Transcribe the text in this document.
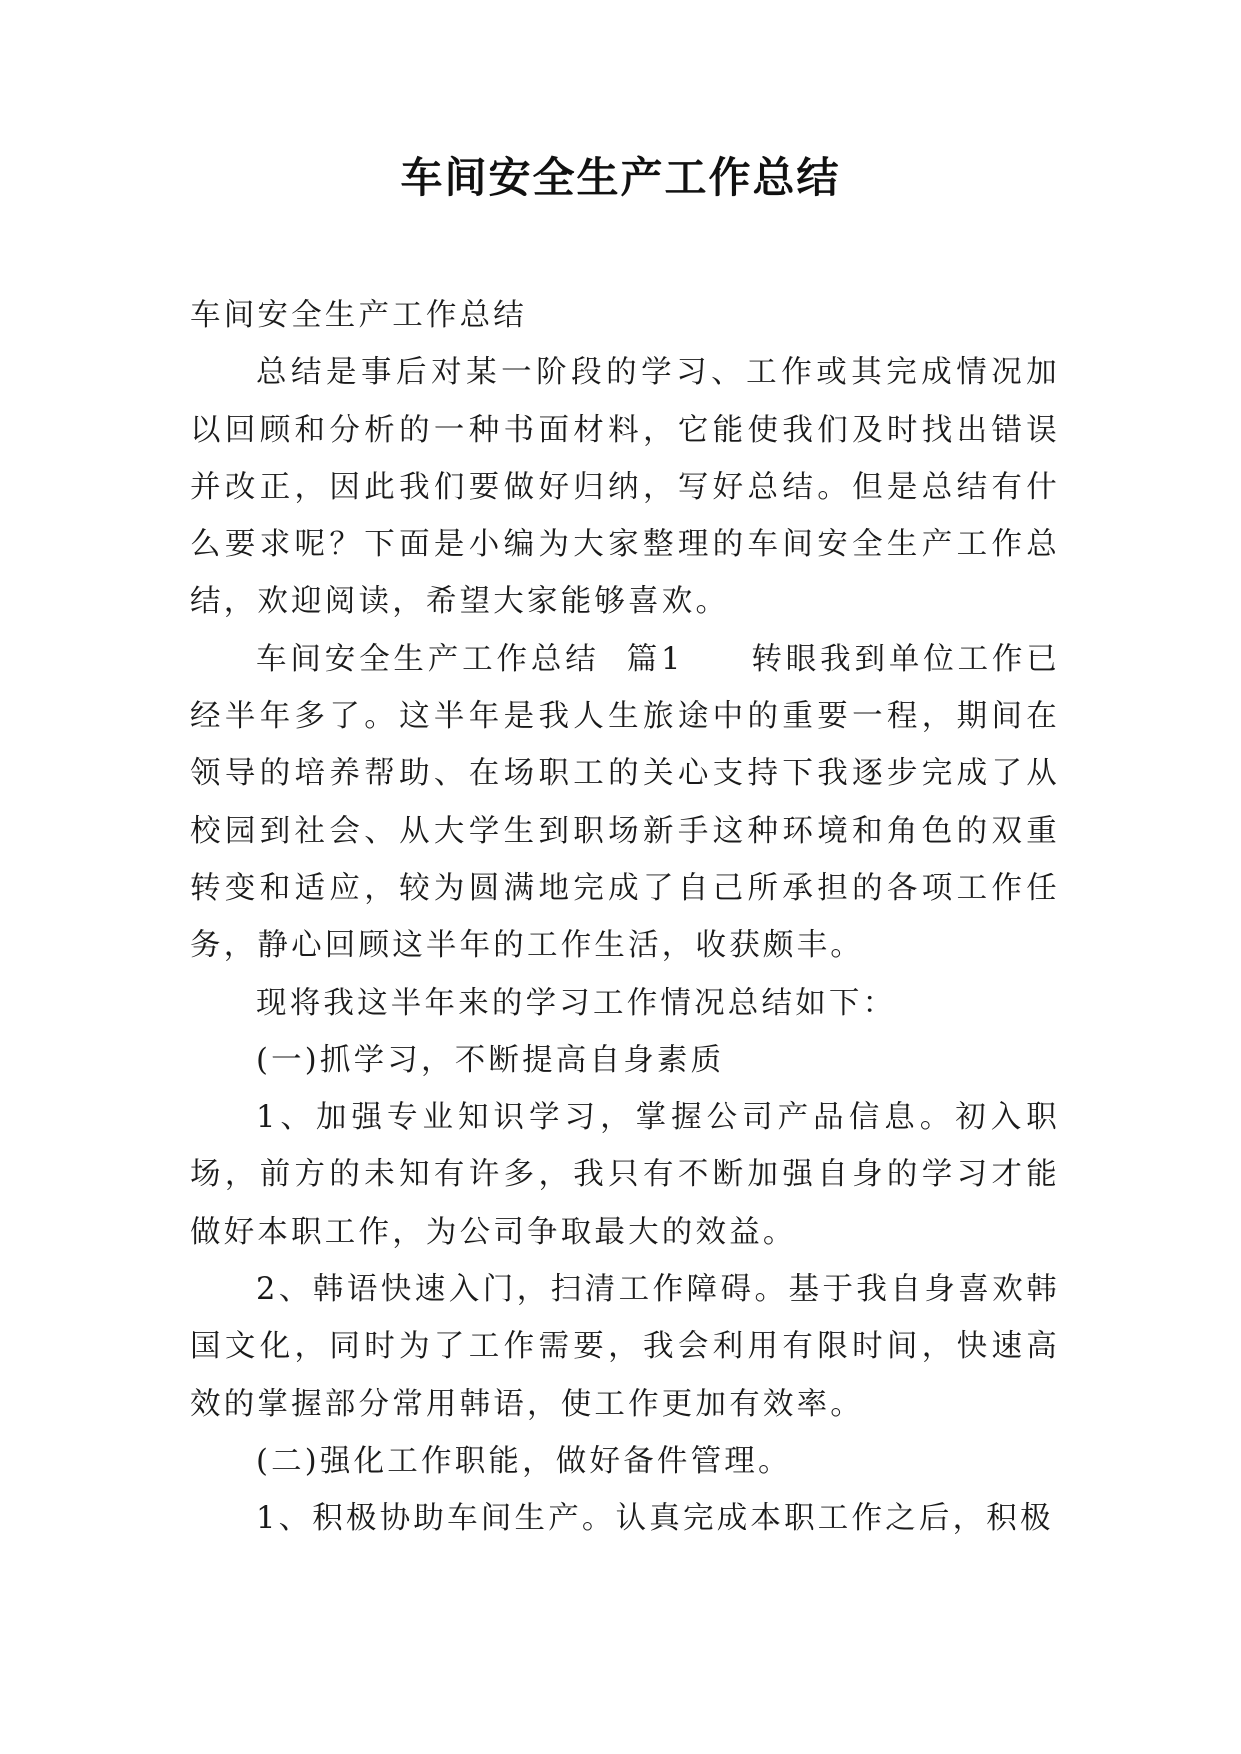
车间安全生产工作总结

车间安全生产工作总结

总结是事后对某一阶段的学习、工作或其完成情况加以回顾和分析的一种书面材料，它能使我们及时找出错误并改正，因此我们要做好归纳，写好总结。但是总结有什么要求呢？下面是小编为大家整理的车间安全生产工作总结，欢迎阅读，希望大家能够喜欢。

车间安全生产工作总结  篇1     转眼我到单位工作已经半年多了。这半年是我人生旅途中的重要一程，期间在领导的培养帮助、在场职工的关心支持下我逐步完成了从校园到社会、从大学生到职场新手这种环境和角色的双重转变和适应，较为圆满地完成了自己所承担的各项工作任务，静心回顾这半年的工作生活，收获颇丰。

现将我这半年来的学习工作情况总结如下：

(一)抓学习，不断提高自身素质

1、加强专业知识学习，掌握公司产品信息。初入职场，前方的未知有许多，我只有不断加强自身的学习才能做好本职工作，为公司争取最大的效益。

2、韩语快速入门，扫清工作障碍。基于我自身喜欢韩国文化，同时为了工作需要，我会利用有限时间，快速高效的掌握部分常用韩语，使工作更加有效率。

(二)强化工作职能，做好备件管理。

1、积极协助车间生产。认真完成本职工作之后，积极
